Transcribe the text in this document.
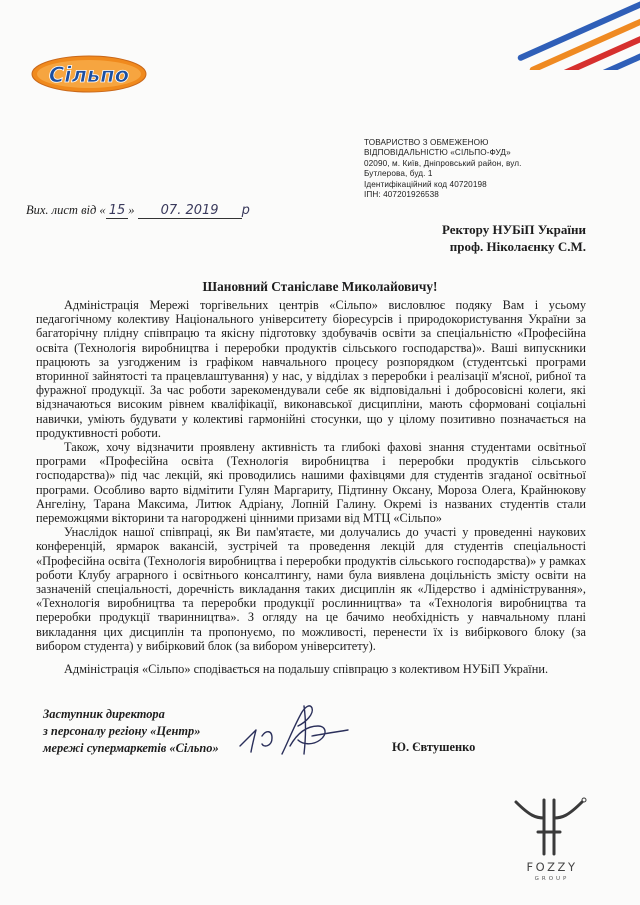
Сільпо
ТОВАРИСТВО З ОБМЕЖЕНОЮ
ВІДПОВІДАЛЬНІСТЮ «СІЛЬПО-ФУД»
02090, м. Київ, Дніпровський район, вул.
Бутлерова, буд. 1
Ідентифікаційний код 40720198
ІПН: 407201926538
Вих. лист від « 15 » 07. 2019 р
Ректору НУБіП України
проф. Ніколаєнку С.М.
Шановний Станіславе Миколайовичу!

Адміністрація Мережі торгівельних центрів «Сільпо» висловлює подяку Вам і усьому педагогічному колективу Національного університету біоресурсів і природокористування України за багаторічну плідну співпрацю та якісну підготовку здобувачів освіти за спеціальністю «Професійна освіта (Технологія виробництва і переробки продуктів сільського господарства)». Ваші випускники працюють за узгодженим із графіком навчального процесу розпорядком (студентські програми вторинної зайнятості та працевлаштування) у нас, у відділах з переробки і реалізації м'ясної, рибної та фуражної продукції. За час роботи зарекомендували себе як відповідальні і добросовісні колеги, які відзначаються високим рівнем кваліфікації, виконавської дисципліни, мають сформовані соціальні навички, уміють будувати у колективі гармонійні стосунки, що у цілому позитивно позначається на продуктивності роботи.

Також, хочу відзначити проявлену активність та глибокі фахові знання студентами освітньої програми «Професійна освіта (Технологія виробництва і переробки продуктів сільського господарства)» під час лекцій, які проводились нашими фахівцями для студентів згаданої освітньої програми. Особливо варто відмітити Гулян Маргариту, Підтинну Оксану, Мороза Олега, Крайнюкову Ангеліну, Тарана Максима, Литюк Адріану, Лопній Галину. Окремі із названих студентів стали переможцями вікторини та нагороджені цінними призами від МТЦ «Сільпо»

Унаслідок нашої співпраці, як Ви пам'ятаєте, ми долучались до участі у проведенні наукових конференцій, ярмарок вакансій, зустрічей та проведення лекцій для студентів спеціальності «Професійна освіта (Технологія виробництва і переробки продуктів сільського господарства)» у рамках роботи Клубу аграрного і освітнього консалтингу, нами була виявлена доцільність змісту освіти на зазначеній спеціальності, доречність викладання таких дисциплін як «Лідерство і адміністрування», «Технологія виробництва та переробки продукції рослинництва» та «Технологія виробництва та переробки продукції тваринництва». З огляду на це бачимо необхідність у навчальному плані викладання цих дисциплін та пропонуємо, по можливості, перенести їх із вибіркового блоку (за вибором студента) у вибірковий блок (за вибором університету).

Адміністрація «Сільпо» сподівається на подальшу співпрацю з колективом НУБіП України.

Заступник директора
з персоналу регіону «Центр»
мережі супермаркетів «Сільпо»	Ю. Євтушенко
FOZZY
GROUP
